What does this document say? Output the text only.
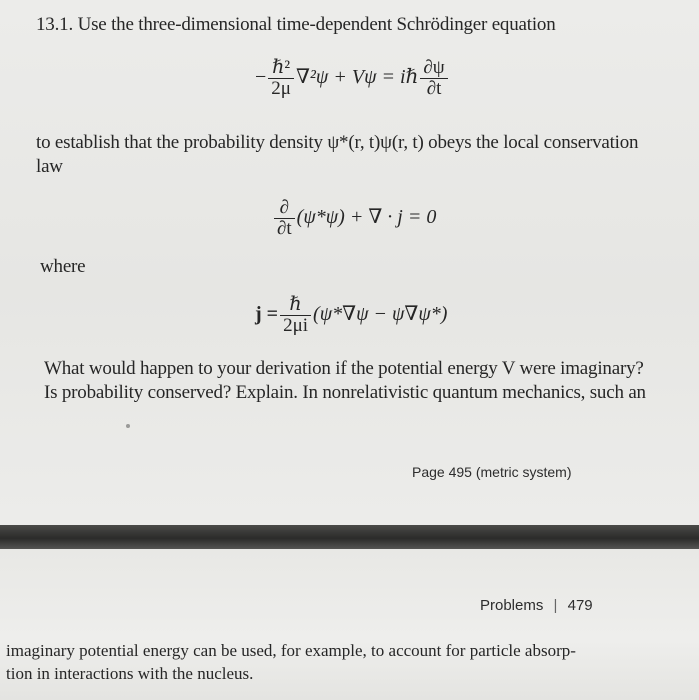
13.1. Use the three-dimensional time-dependent Schrödinger equation
− $\frac{\text{ℏ²}}{2\mu} \nabla^2\psi + V\psi$ = iℏ $\frac{\partial\psi}{\partial t}$
to establish that the probability density ψ*(r, t)ψ(r, t) obeys the local conservation
law
$\frac{\partial}{\partial t} (\psi*\psi)$ + ∇ · j = 0
where
$j = \frac{\text{ℏ}}{2\mu i} (\psi*\nabla\psi - \psi\nabla\psi*)$
What would happen to your derivation if the potential energy V were imaginary?
Is probability conserved? Explain. In nonrelativistic quantum mechanics, such an
Page 495 (metric system)
Problems | 479
imaginary potential energy can be used, for example, to account for particle absorp-
tion in interactions with the nucleus.
